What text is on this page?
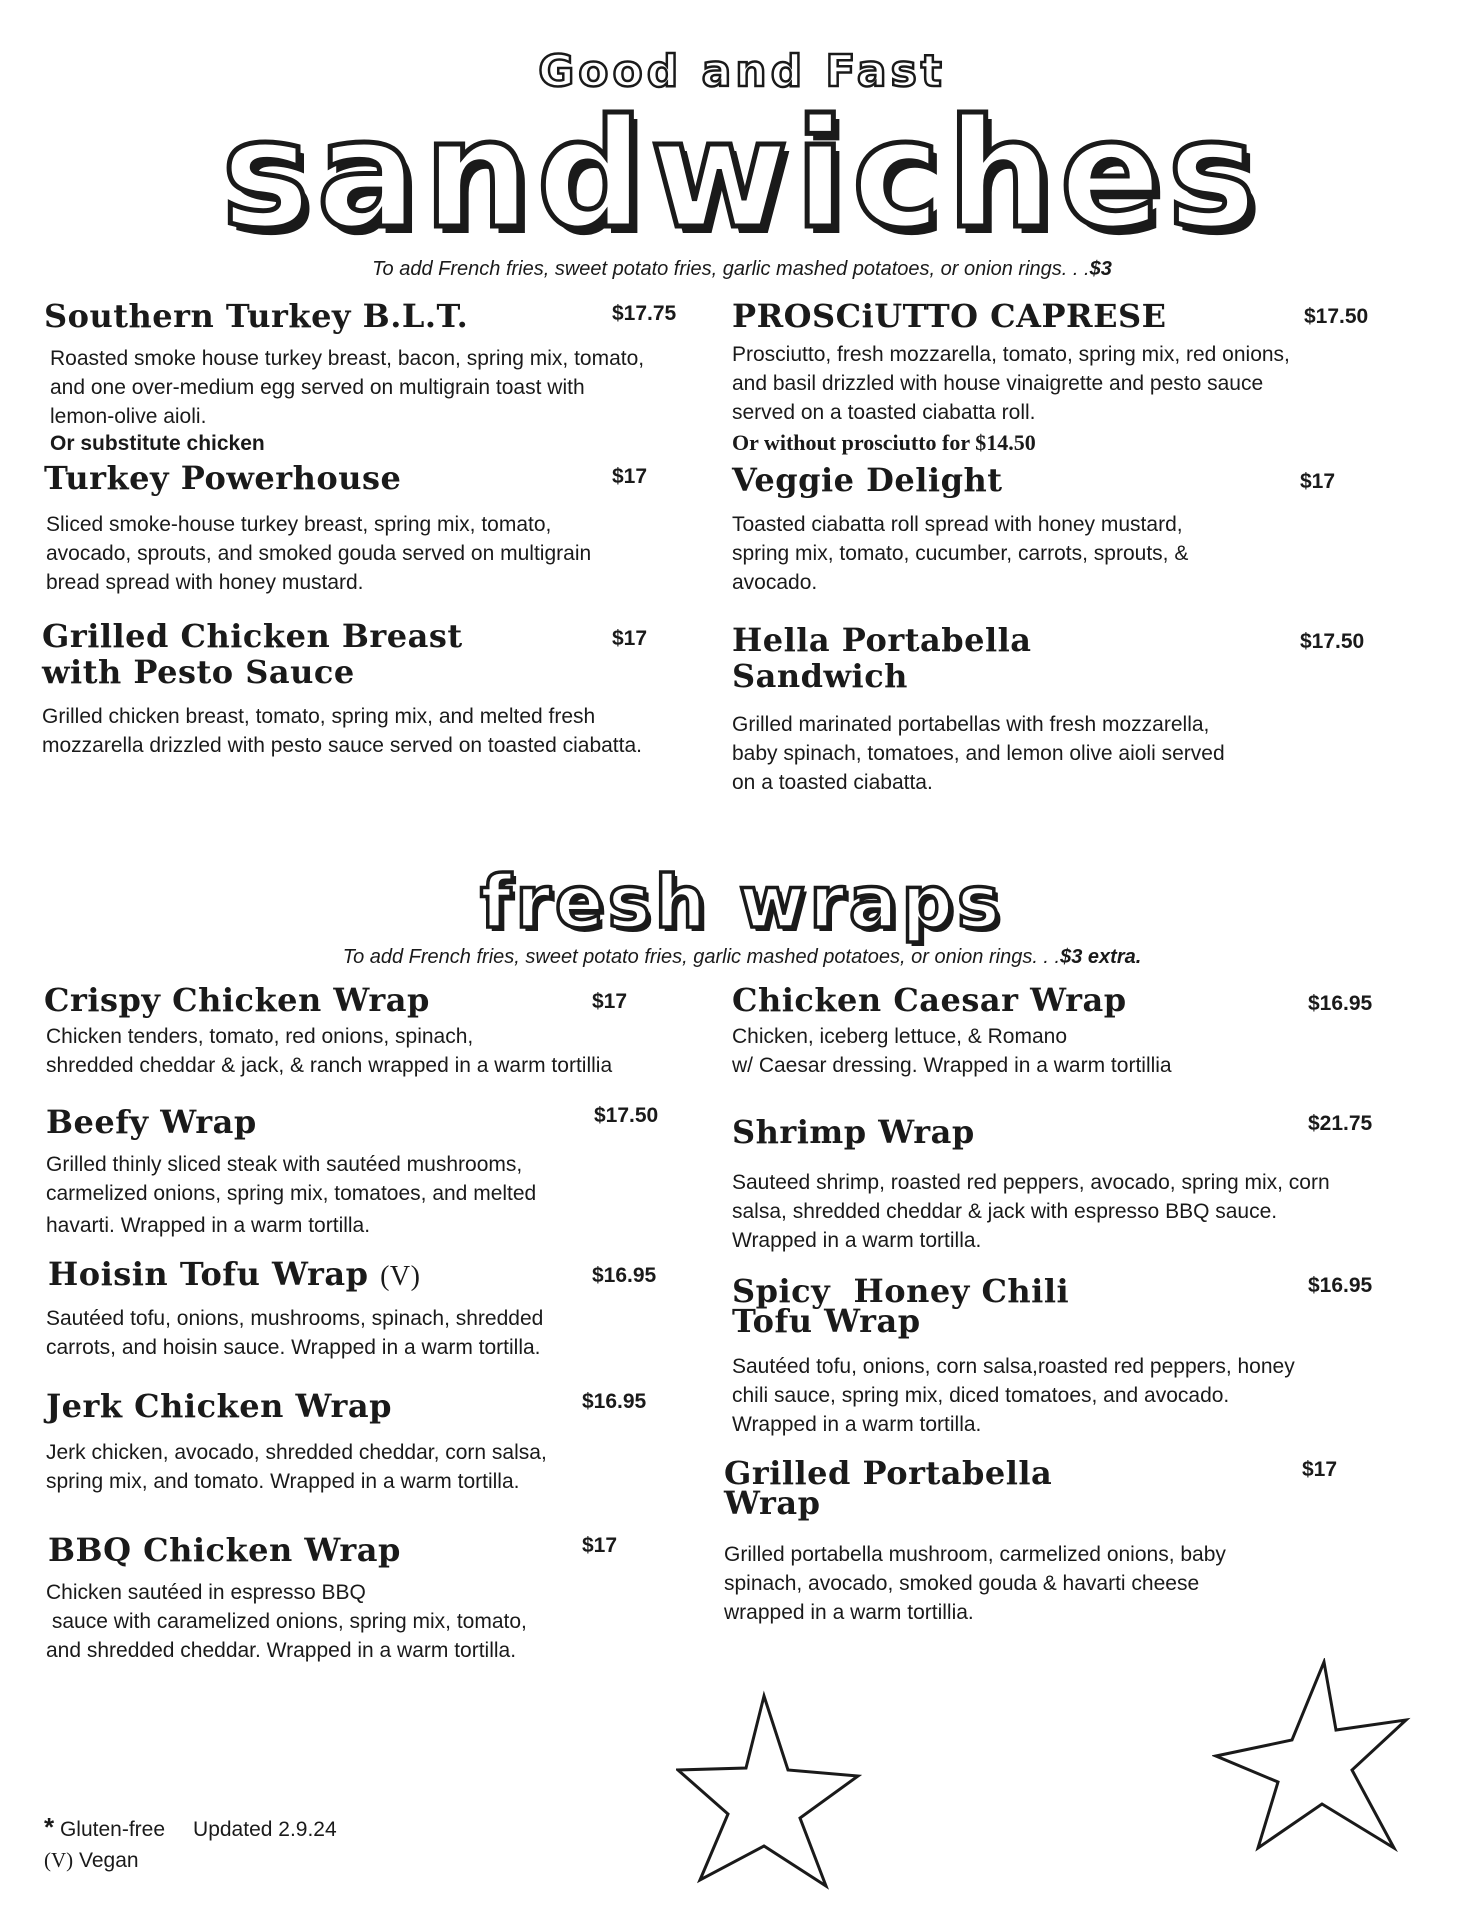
Good and Fast
sandwiches
To add French fries, sweet potato fries, garlic mashed potatoes, or onion rings. . .$3
Southern Turkey B.L.T.	$17.75
Roasted smoke house turkey breast, bacon, spring mix, tomato,
and one over-medium egg served on multigrain toast with
lemon-olive aioli.
Or substitute chicken
Turkey Powerhouse	$17
Sliced smoke-house turkey breast, spring mix, tomato,
avocado, sprouts, and smoked gouda served on multigrain
bread spread with honey mustard.
Grilled Chicken Breast
with Pesto Sauce
$17
Grilled chicken breast, tomato, spring mix, and melted fresh
mozzarella drizzled with pesto sauce served on toasted ciabatta.
PROSCiUTTO CAPRESE	$17.50
Prosciutto, fresh mozzarella, tomato, spring mix, red onions,
and basil drizzled with house vinaigrette and pesto sauce
served on a toasted ciabatta roll.
Or without prosciutto for $14.50
Veggie Delight	$17
Toasted ciabatta roll spread with honey mustard,
spring mix, tomato, cucumber, carrots, sprouts, &
avocado.
Hella Portabella
Sandwich
$17.50
Grilled marinated portabellas with fresh mozzarella,
baby spinach, tomatoes, and lemon olive aioli served
on a toasted ciabatta.
fresh wraps
To add French fries, sweet potato fries, garlic mashed potatoes, or onion rings. . .$3 extra.
Crispy Chicken Wrap	$17
Chicken tenders, tomato, red onions, spinach,
shredded cheddar & jack, & ranch wrapped in a warm tortillia
Beefy Wrap	$17.50
Grilled thinly sliced steak with sautéed mushrooms,
carmelized onions, spring mix, tomatoes, and melted
havarti. Wrapped in a warm tortilla.
Hoisin Tofu Wrap (V)	$16.95
Sautéed tofu, onions, mushrooms, spinach, shredded
carrots, and hoisin sauce. Wrapped in a warm tortilla.
Jerk Chicken Wrap	$16.95
Jerk chicken, avocado, shredded cheddar, corn salsa,
spring mix, and tomato. Wrapped in a warm tortilla.
BBQ Chicken Wrap	$17
Chicken sautéed in espresso BBQ
sauce with caramelized onions, spring mix, tomato,
and shredded cheddar. Wrapped in a warm tortilla.
Chicken Caesar Wrap	$16.95
Chicken, iceberg lettuce, & Romano
w/ Caesar dressing. Wrapped in a warm tortillia
Shrimp Wrap	$21.75
Sauteed shrimp, roasted red peppers, avocado, spring mix, corn
salsa, shredded cheddar & jack with espresso BBQ sauce.
Wrapped in a warm tortilla.
Spicy  Honey Chili
Tofu Wrap
$16.95
Sautéed tofu, onions, corn salsa,roasted red peppers, honey
chili sauce, spring mix, diced tomatoes, and avocado.
Wrapped in a warm tortilla.
Grilled Portabella
Wrap
$17
Grilled portabella mushroom, carmelized onions, baby
spinach, avocado, smoked gouda & havarti cheese
wrapped in a warm tortillia.
* Gluten-free Updated 2.9.24
(V) Vegan
